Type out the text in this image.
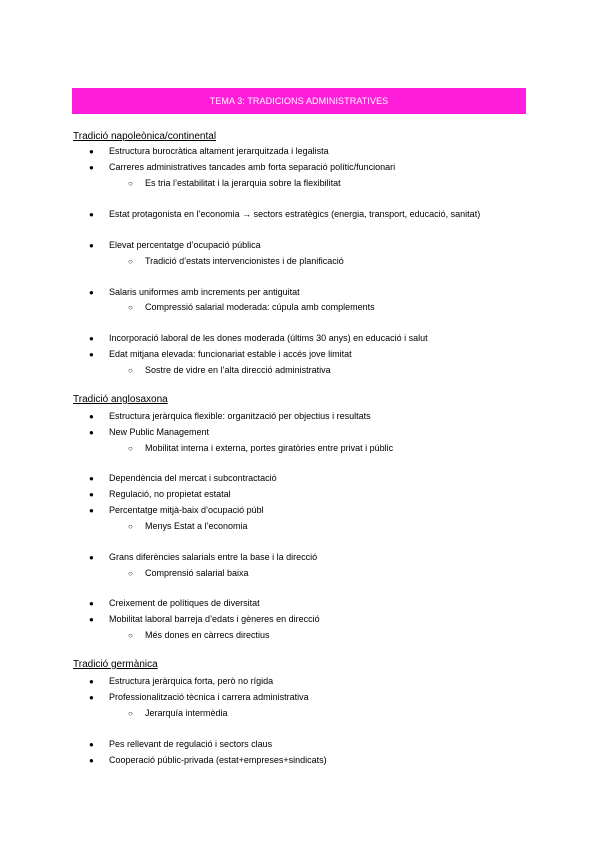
TEMA 3: TRADICIONS ADMINISTRATIVES
Tradició napoleònica/continental
● Estructura burocràtica altament jerarquitzada i legalista
● Carreres administratives tancades amb forta separació polític/funcionari
○ Es tria l’estabilitat i la jerarquia sobre la flexibilitat
● Estat protagonista en l’economia → sectors estratègics (energia, transport, educació, sanitat)
● Elevat percentatge d’ocupació pública
○ Tradició d’estats intervencionistes i de planificació
● Salaris uniformes amb increments per antiguitat
○ Compressió salarial moderada: cúpula amb complements
● Incorporació laboral de les dones moderada (últims 30 anys) en educació i salut
● Edat mitjana elevada: funcionariat estable i accés jove limitat
○ Sostre de vidre en l’alta direcció administrativa
Tradició anglosaxona
● Estructura jeràrquica flexible: organització per objectius i resultats
● New Public Management
○ Mobilitat interna i externa, portes giratòries entre privat i públic
● Dependència del mercat i subcontractació
● Regulació, no propietat estatal
● Percentatge mitjà-baix d’ocupació públ
○ Menys Estat a l’economia
● Grans diferències salarials entre la base i la direcció
○ Comprensió salarial baixa
● Creixement de polítiques de diversitat
● Mobilitat laboral barreja d’edats i gèneres en direcció
○ Més dones en càrrecs directius
Tradició germànica
● Estructura jeràrquica forta, però no rígida
● Professionalització tècnica i carrera administrativa
○ Jerarquía intermèdia
● Pes rellevant de regulació i sectors claus
● Cooperació públic-privada (estat+empreses+sindicats)
